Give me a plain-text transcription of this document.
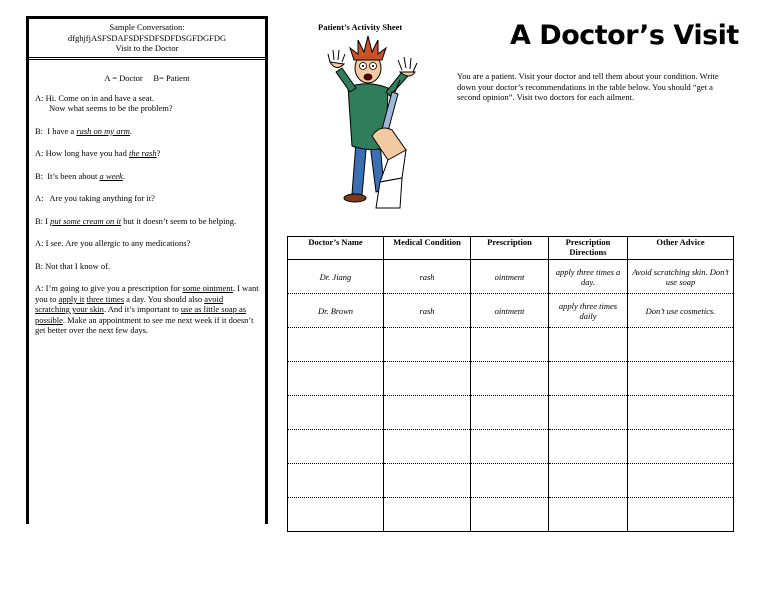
Sample Conversation:
dfghjfjASFSDAFSDFSDFSDFDSGFDGFDG
Visit to the Doctor
A = Doctor     B= Patient

A: Hi. Come on in and have a seat.
Now what seems to be the problem?

B:  I have a rash on my arm.

A: How long have you had the rash?

B:  It’s been about a week.

A:   Are you taking anything for it?

B: I put some cream on it but it doesn’t seem to be helping.

A: I see. Are you allergic to any medications?

B: Not that I know of.

A: I’m going to give you a prescription for some ointment. I want you to apply it three times a day. You should also avoid scratching your skin. And it’s important to use as little soap as possible. Make an appointment to see me next week if it doesn’t get better over the next few days.

Patient’s Activity Sheet	A Doctor’s Visit
You are a patient. Visit your doctor and tell them about your condition. Write down your doctor’s recommendations in the table below. You should “get a second opinion”. Visit two doctors for each ailment.
Doctor’s Name	Medical Condition	Prescription	Prescription Directions	Other Advice
Dr. Jiang	rash	ointment	apply three times a day.	Avoid scratching skin. Don’t use soap
Dr. Brown	rash	ointment	apply three times daily	Don’t use cosmetics.
